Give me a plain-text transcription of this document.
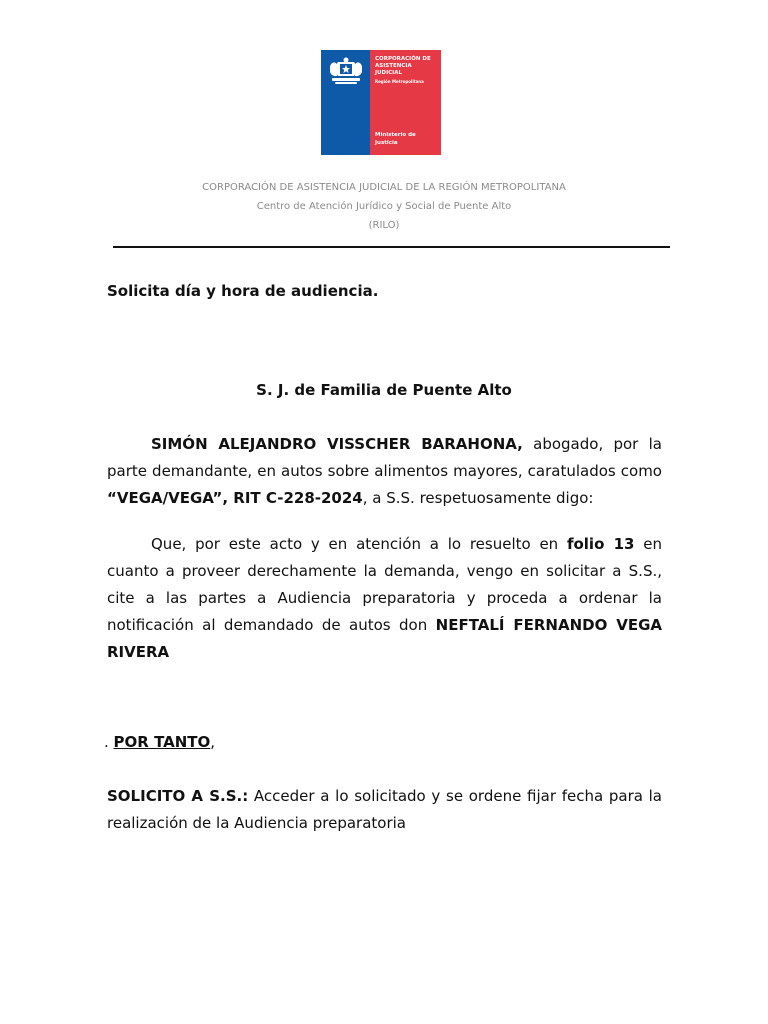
CORPORACIÓN DE
ASISTENCIA
JUDICIAL
Región Metropolitana
Ministerio de
Justicia
CORPORACIÓN DE ASISTENCIA JUDICIAL DE LA REGIÓN METROPOLITANA
Centro de Atención Jurídico y Social de Puente Alto
(RILO)
Solicita día y hora de audiencia.
S. J. de Familia de Puente Alto
SIMÓN ALEJANDRO VISSCHER BARAHONA, abogado, por la parte demandante, en autos sobre alimentos mayores, caratulados como “VEGA/VEGA”, RIT C-228-2024, a S.S. respetuosamente digo:
Que, por este acto y en atención a lo resuelto en folio 13 en cuanto a proveer derechamente la demanda, vengo en solicitar a S.S., cite a las partes a Audiencia preparatoria y proceda a ordenar la notificación al demandado de autos don NEFTALÍ FERNANDO VEGA RIVERA
. POR TANTO,
SOLICITO A S.S.: Acceder a lo solicitado y se ordene fijar fecha para la realización de la Audiencia preparatoria
